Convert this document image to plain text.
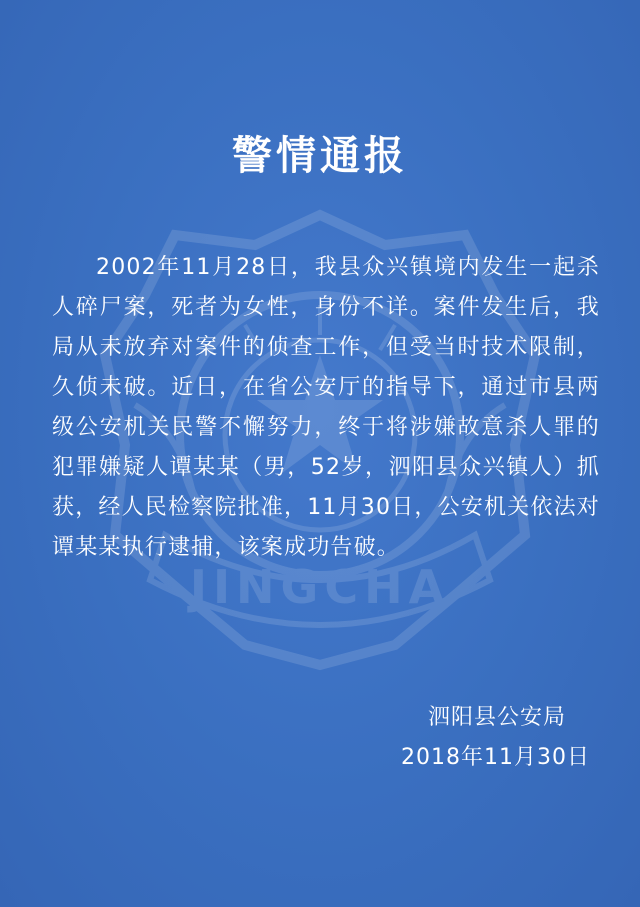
JINGCHA
警情通报
2002年11月28日，我县众兴镇境内发生一起杀人碎尸案，死者为女性，身份不详。案件发生后，我局从未放弃对案件的侦查工作，但受当时技术限制，久侦未破。近日，在省公安厅的指导下，通过市县两级公安机关民警不懈努力，终于将涉嫌故意杀人罪的犯罪嫌疑人谭某某（男，52岁，泗阳县众兴镇人）抓获，经人民检察院批准，11月30日，公安机关依法对谭某某执行逮捕，该案成功告破。
泗阳县公安局
2018年11月30日
